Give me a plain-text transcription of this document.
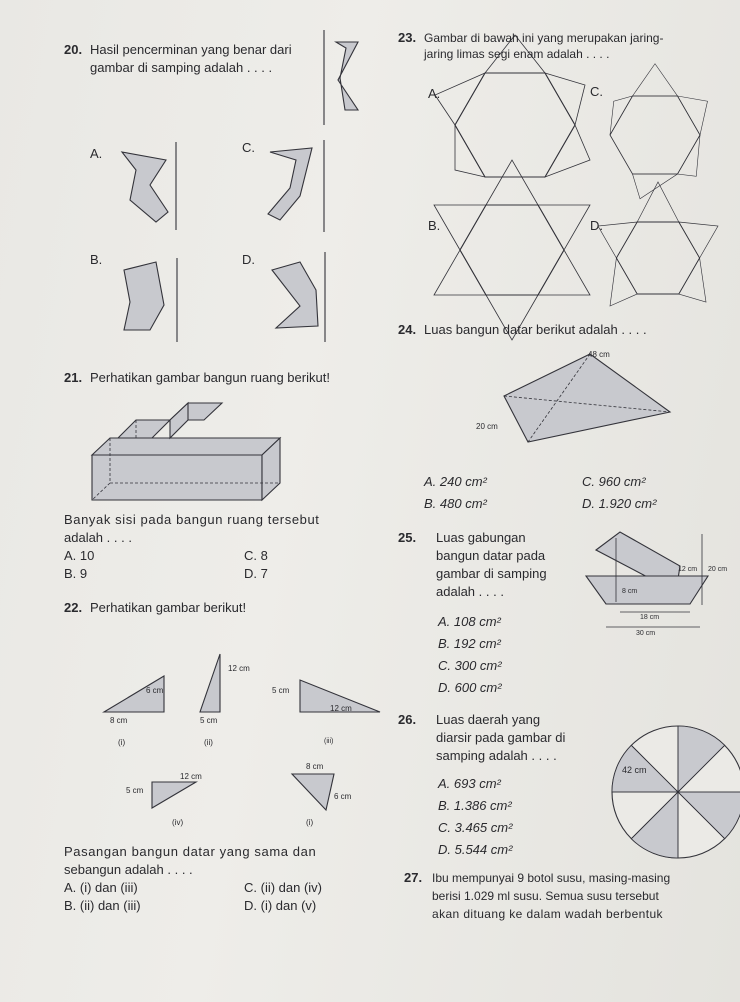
20. Hasil pencerminan yang benar dari
gambar di samping adalah . . . .
A.	C.
B.	D.
21. Perhatikan gambar bangun ruang berikut!
Banyak sisi pada bangun ruang tersebut
adalah . . . .
A. 10	C. 8
B. 9	D. 7
22. Perhatikan gambar berikut!
6 cm
8 cm
(i)
12 cm
5 cm
(ii)
5 cm
12 cm
(iii)
12 cm
5 cm
(iv)
8 cm
6 cm
(i)
Pasangan bangun datar yang sama dan
sebangun adalah . . . .
A. (i) dan (iii)	C. (ii) dan (iv)
B. (ii) dan (iii)	D. (i) dan (v)
23. Gambar di bawah ini yang merupakan jaring-
jaring limas segi enam adalah . . . .
A.	C.
B.	D.
24. Luas bangun datar berikut adalah . . . .
48 cm
20 cm
A. 240 cm²	C. 960 cm²
B. 480 cm²	D. 1.920 cm²
25. Luas gabungan
bangun datar pada
gambar di samping
adalah . . . .
12 cm 20 cm
8 cm
18 cm
30 cm
A. 108 cm²
B. 192 cm²
C. 300 cm²
D. 600 cm²
26. Luas daerah yang
diarsir pada gambar di
samping adalah . . . .
42 cm
A. 693 cm²
B. 1.386 cm²
C. 3.465 cm²
D. 5.544 cm²
27. Ibu mempunyai 9 botol susu, masing-masing
berisi 1.029 ml susu. Semua susu tersebut
akan dituang ke dalam wadah berbentuk
